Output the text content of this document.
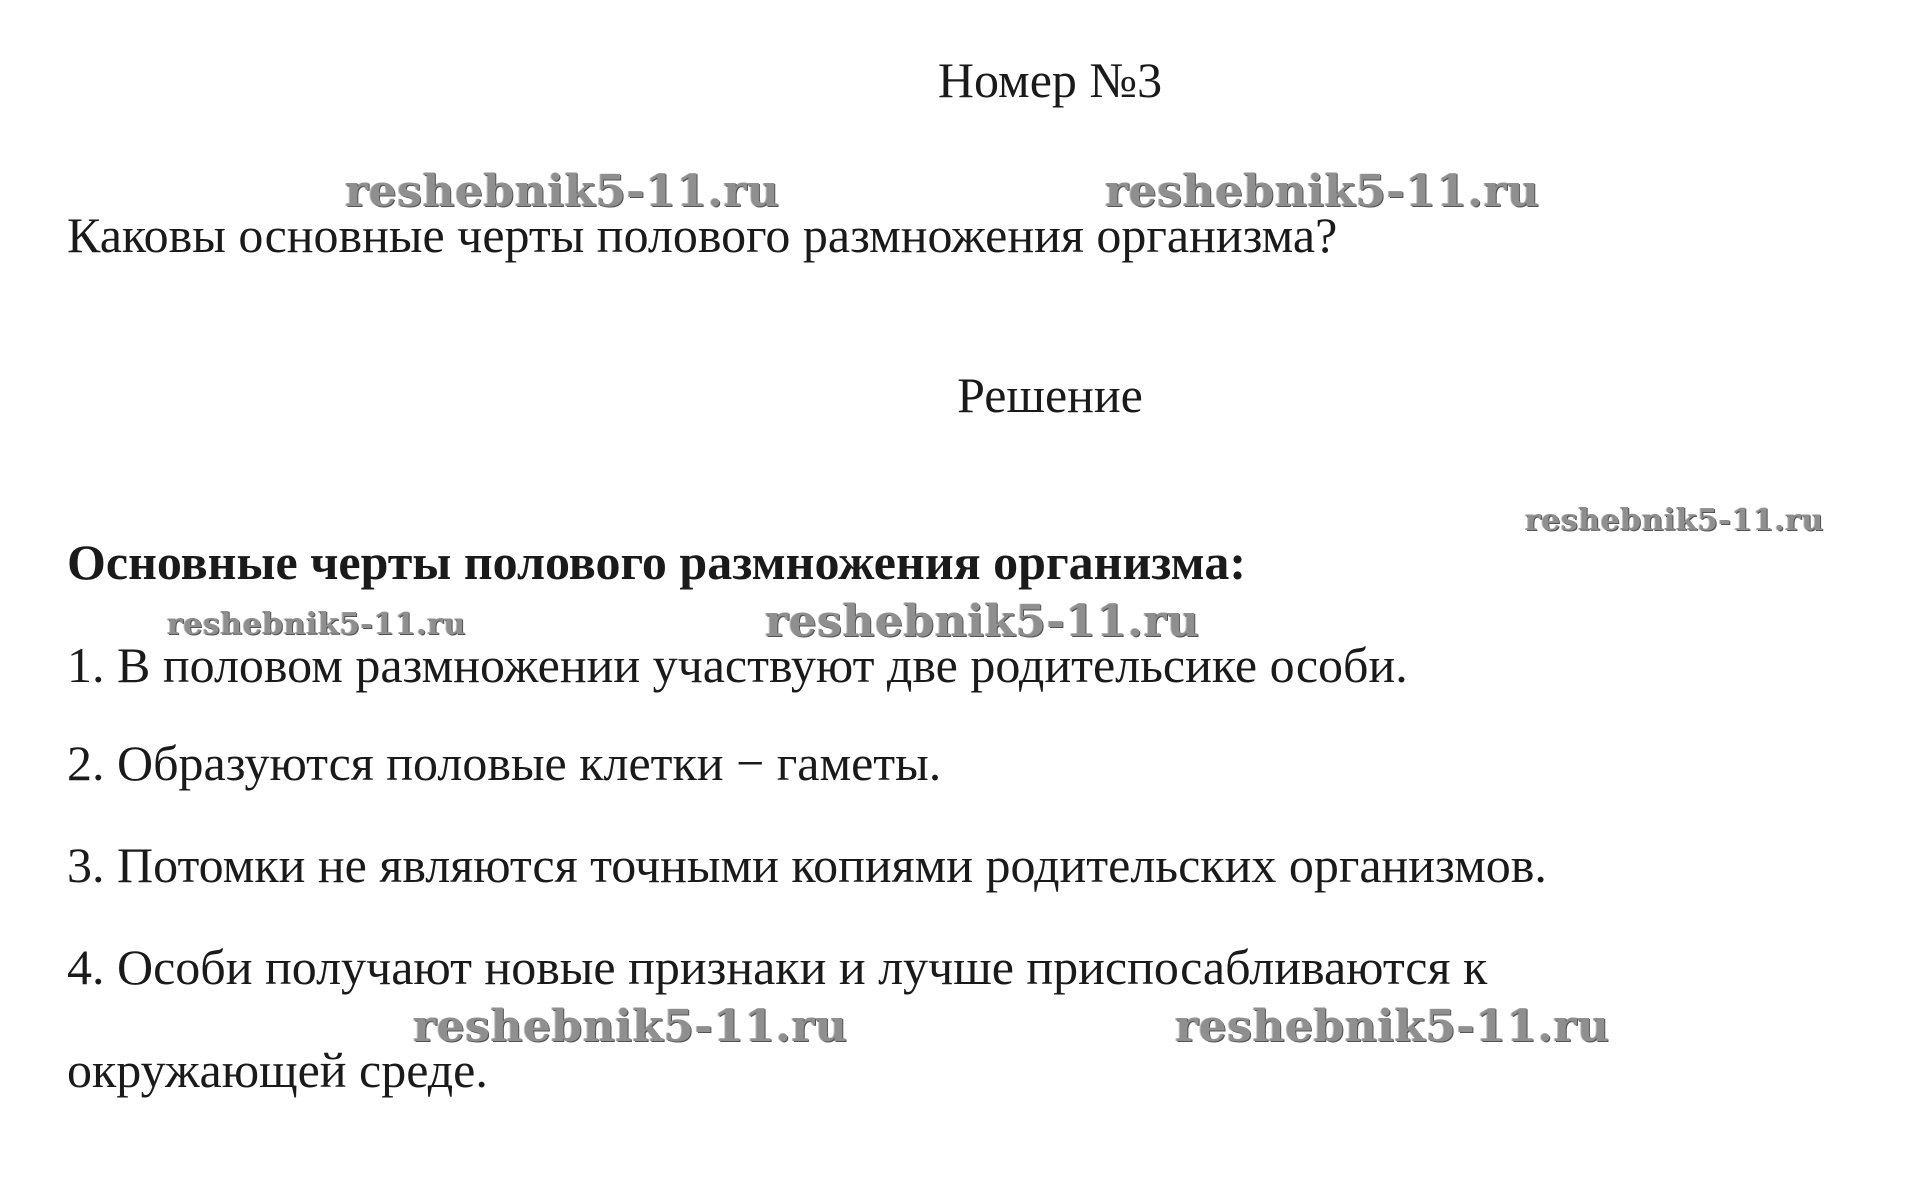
Номер №3
reshebnik5-11.ru	reshebnik5-11.ru
Каковы основные черты полового размножения организма?
Решение
reshebnik5-11.ru
Основные черты полового размножения организма:
reshebnik5-11.ru	reshebnik5-11.ru
1. В половом размножении участвуют две родительсике особи.
2. Образуются половые клетки − гаметы.
3. Потомки не являются точными копиями родительских организмов.
4. Особи получают новые признаки и лучше приспосабливаются к
reshebnik5-11.ru	reshebnik5-11.ru
окружающей среде.
